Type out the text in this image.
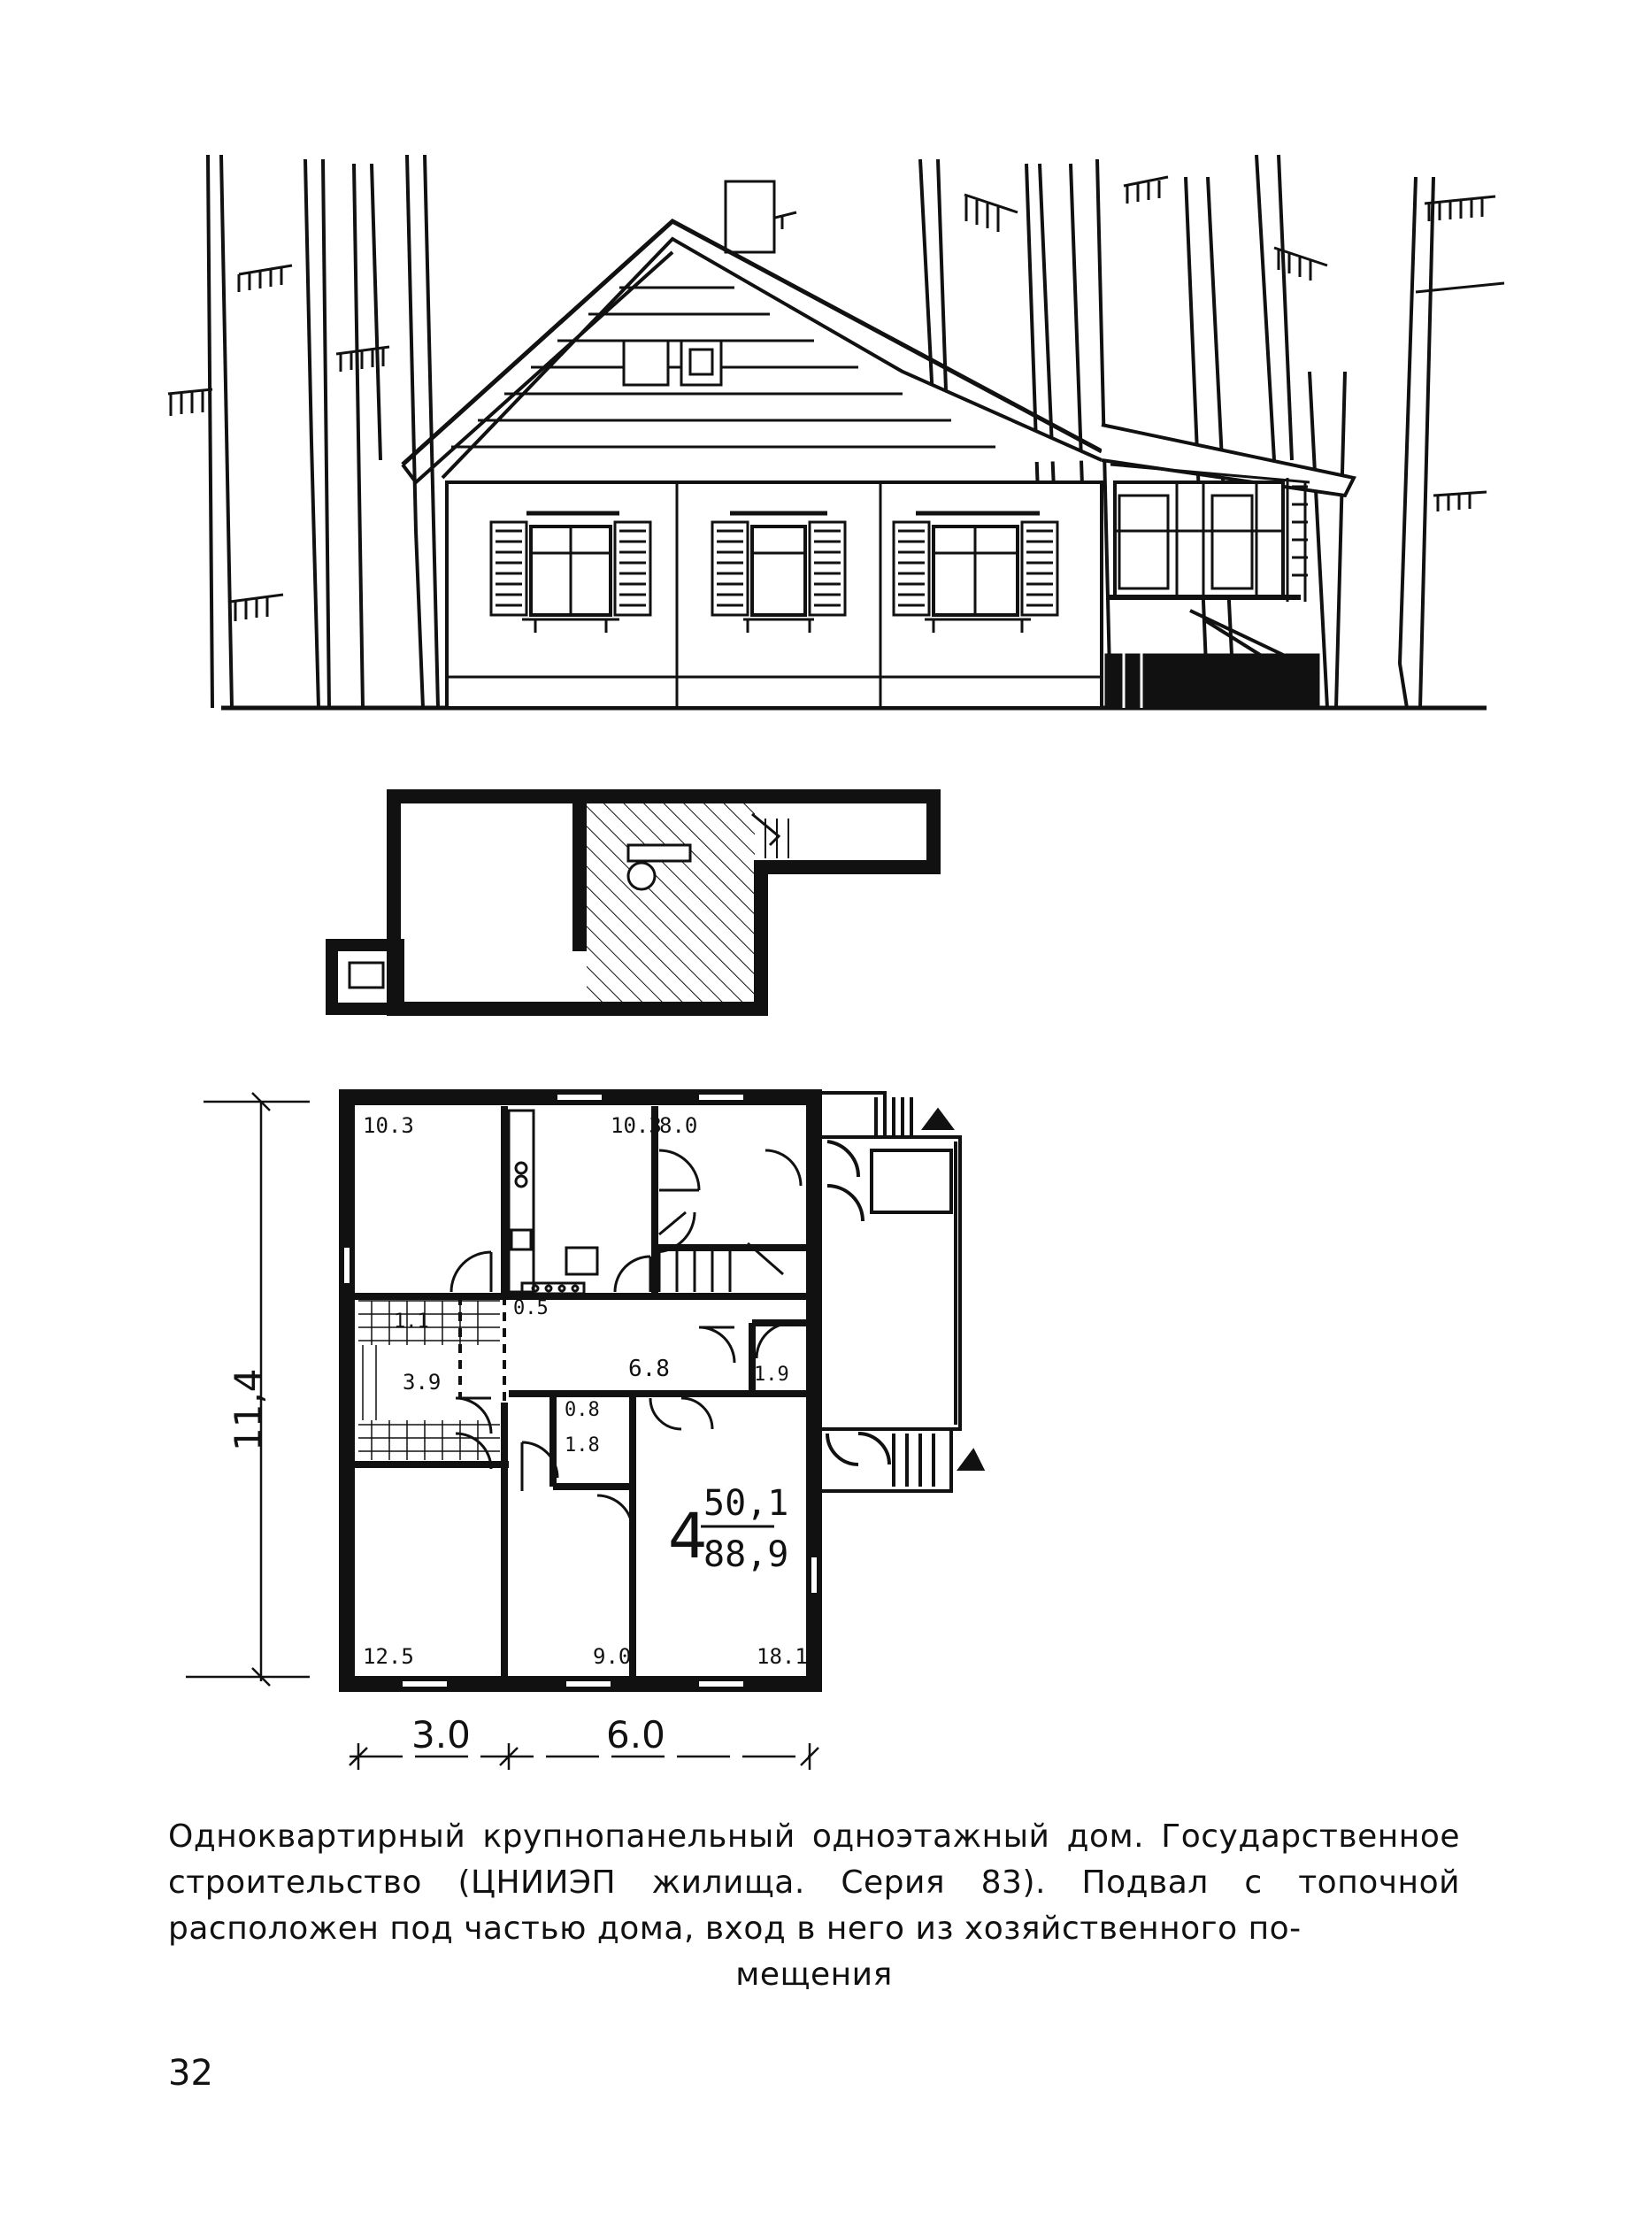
10.3	10.3
8.0
0.5
1.1
3.9	6.8	1.9
0.8
1.8
12.5	9.0	18.1
4
50,1
88,9
11,4
3.0	6.0
Одноквартирный крупнопанельный одноэтажный дом. Государственное строительство (ЦНИИЭП жилища. Серия 83). Подвал с топочной расположен под частью дома, вход в него из хозяйственного по-
мещения
32
